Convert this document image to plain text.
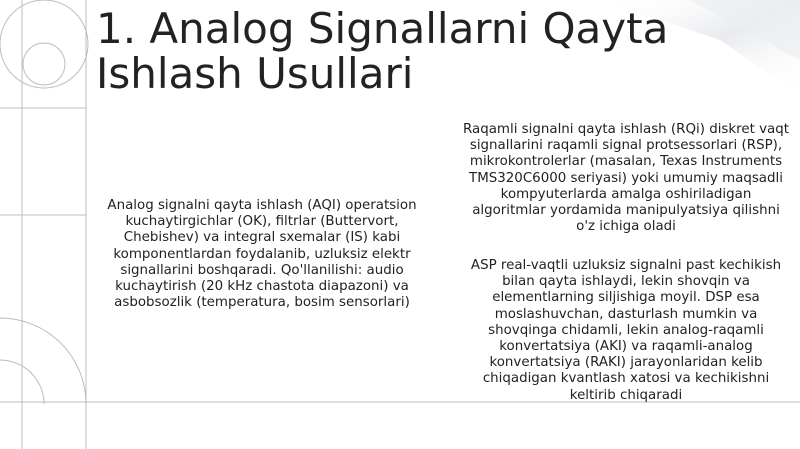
1. Analog Signallarni Qayta Ishlash Usullari

Analog signalni qayta ishlash (AQI) operatsion kuchaytirgichlar (OK), filtrlar (Buttervort, Chebishev) va integral sxemalar (IS) kabi komponentlardan foydalanib, uzluksiz elektr signallarini boshqaradi. Qo'llanilishi: audio kuchaytirish (20 kHz chastota diapazoni) va asbobsozlik (temperatura, bosim sensorlari)

Raqamli signalni qayta ishlash (RQi) diskret vaqt signallarini raqamli signal protsessorlari (RSP), mikrokontrolerlar (masalan, Texas Instruments TMS320C6000 seriyasi) yoki umumiy maqsadli kompyuterlarda amalga oshiriladigan algoritmlar yordamida manipulyatsiya qilishni o'z ichiga oladi

ASP real-vaqtli uzluksiz signalni past kechikish bilan qayta ishlaydi, lekin shovqin va elementlarning siljishiga moyil. DSP esa moslashuvchan, dasturlash mumkin va shovqinga chidamli, lekin analog-raqamli konvertatsiya (AKI) va raqamli-analog konvertatsiya (RAKI) jarayonlaridan kelib chiqadigan kvantlash xatosi va kechikishni keltirib chiqaradi
